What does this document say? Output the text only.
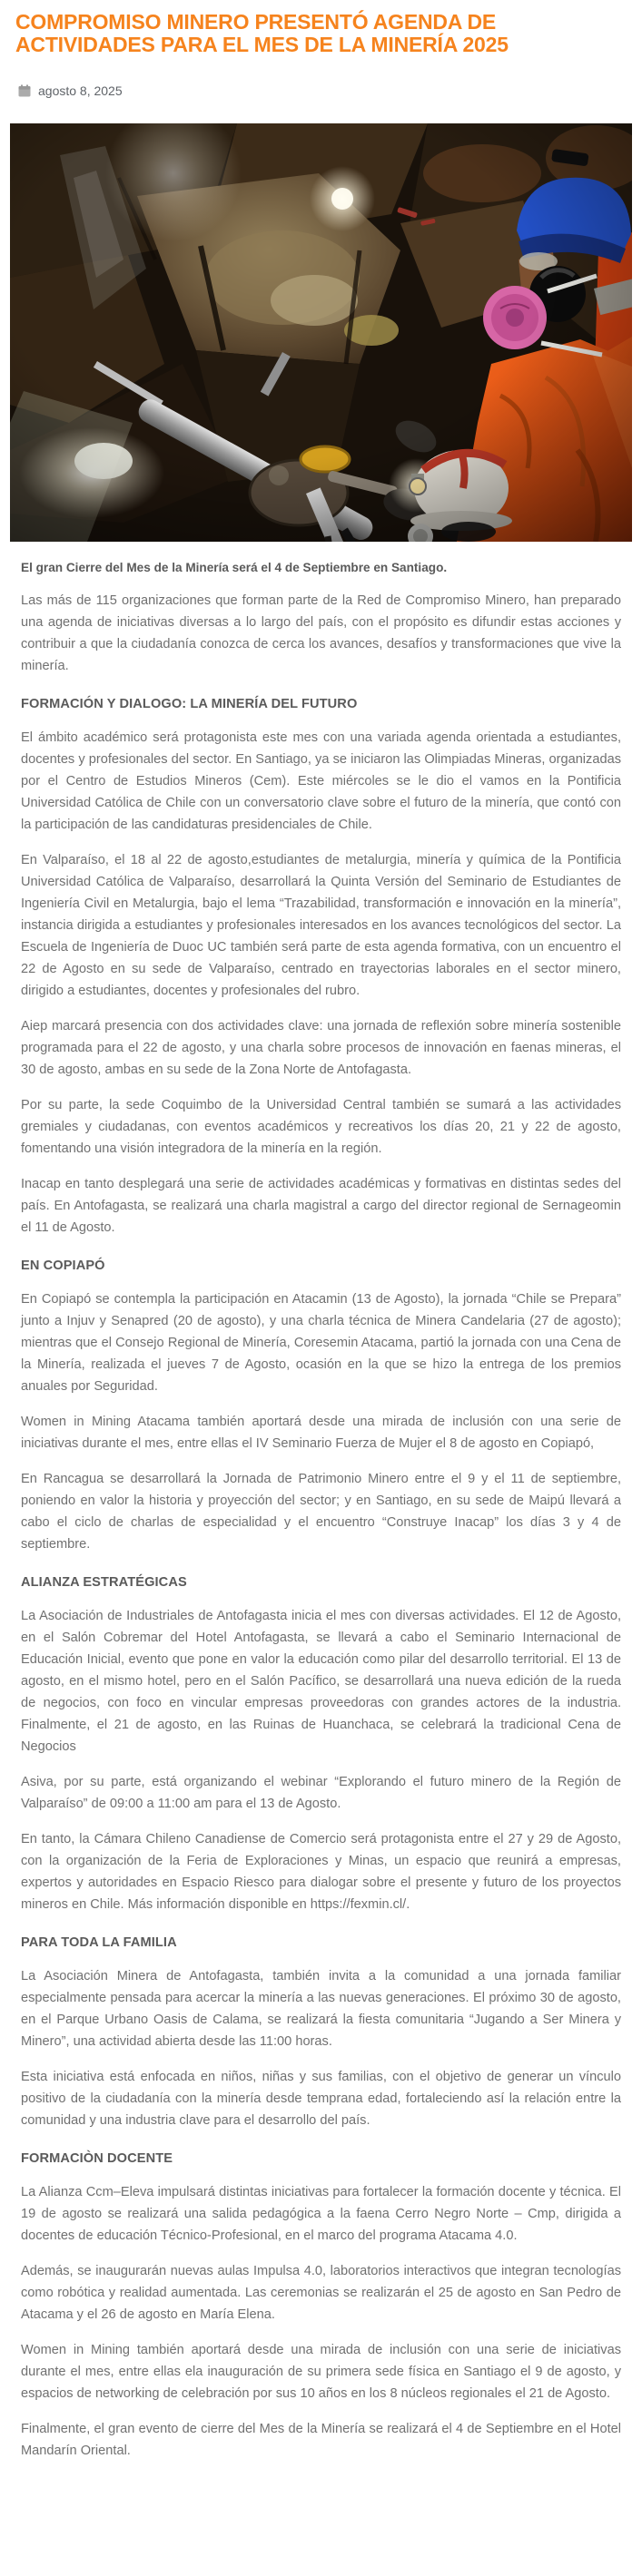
COMPROMISO MINERO PRESENTÓ AGENDA DE ACTIVIDADES PARA EL MES DE LA MINERÍA 2025
agosto 8, 2025

El gran Cierre del Mes de la Minería será el 4 de Septiembre en Santiago.

Las más de 115 organizaciones que forman parte de la Red de Compromiso Minero, han preparado una agenda de iniciativas diversas a lo largo del país, con el propósito es difundir estas acciones y contribuir a que la ciudadanía conozca de cerca los avances, desafíos y transformaciones que vive la minería.

FORMACIÓN Y DIALOGO: LA MINERÍA DEL FUTURO

El ámbito académico será protagonista este mes con una variada agenda orientada a estudiantes, docentes y profesionales del sector. En Santiago, ya se iniciaron las Olimpiadas Mineras, organizadas por el Centro de Estudios Mineros (Cem). Este miércoles se le dio el vamos en la Pontificia Universidad Católica de Chile con un conversatorio clave sobre el futuro de la minería, que contó con la participación de las candidaturas presidenciales de Chile.

En Valparaíso, el 18 al 22 de agosto,estudiantes de metalurgia, minería y química de la Pontificia Universidad Católica de Valparaíso, desarrollará la Quinta Versión del Seminario de Estudiantes de Ingeniería Civil en Metalurgia, bajo el lema “Trazabilidad, transformación e innovación en la minería”, instancia dirigida a estudiantes y profesionales interesados en los avances tecnológicos del sector. La Escuela de Ingeniería de Duoc UC también será parte de esta agenda formativa, con un encuentro el 22 de Agosto en su sede de Valparaíso, centrado en trayectorias laborales en el sector minero, dirigido a estudiantes, docentes y profesionales del rubro.

Aiep marcará presencia con dos actividades clave: una jornada de reflexión sobre minería sostenible programada para el 22 de agosto, y una charla sobre procesos de innovación en faenas mineras, el 30 de agosto, ambas en su sede de la Zona Norte de Antofagasta.

Por su parte, la sede Coquimbo de la Universidad Central también se sumará a las actividades gremiales y ciudadanas, con eventos académicos y recreativos los días 20, 21 y 22 de agosto, fomentando una visión integradora de la minería en la región.

Inacap en tanto desplegará una serie de actividades académicas y formativas en distintas sedes del país. En Antofagasta, se realizará una charla magistral a cargo del director regional de Sernageomin el 11 de Agosto.

EN COPIAPÓ

En Copiapó se contempla la participación en Atacamin (13 de Agosto), la jornada “Chile se Prepara” junto a Injuv y Senapred (20 de agosto), y una charla técnica de Minera Candelaria (27 de agosto); mientras que el Consejo Regional de Minería, Coresemin Atacama, partió la jornada con una Cena de la Minería, realizada el jueves 7 de Agosto, ocasión en la que se hizo la entrega de los premios anuales por Seguridad.

Women in Mining Atacama también aportará desde una mirada de inclusión con una serie de iniciativas durante el mes, entre ellas el IV Seminario Fuerza de Mujer el 8 de agosto en Copiapó,

En Rancagua se desarrollará la Jornada de Patrimonio Minero entre el 9 y el 11 de septiembre, poniendo en valor la historia y proyección del sector; y en Santiago, en su sede de Maipú llevará a cabo el ciclo de charlas de especialidad y el encuentro “Construye Inacap” los días 3 y 4 de septiembre.

ALIANZA ESTRATÉGICAS

La Asociación de Industriales de Antofagasta inicia el mes con diversas actividades. El 12 de Agosto, en el Salón Cobremar del Hotel Antofagasta, se llevará a cabo el Seminario Internacional de Educación Inicial, evento que pone en valor la educación como pilar del desarrollo territorial. El 13 de agosto, en el mismo hotel, pero en el Salón Pacífico, se desarrollará una nueva edición de la rueda de negocios, con foco en vincular empresas proveedoras con grandes actores de la industria. Finalmente, el 21 de agosto, en las Ruinas de Huanchaca, se celebrará la tradicional Cena de Negocios

Asiva, por su parte, está organizando el webinar “Explorando el futuro minero de la Región de Valparaíso” de 09:00 a 11:00 am para el 13 de Agosto.

En tanto, la Cámara Chileno Canadiense de Comercio será protagonista entre el 27 y 29 de Agosto, con la organización de la Feria de Exploraciones y Minas, un espacio que reunirá a empresas, expertos y autoridades en Espacio Riesco para dialogar sobre el presente y futuro de los proyectos mineros en Chile. Más información disponible en https://fexmin.cl/.

PARA TODA LA FAMILIA

La Asociación Minera de Antofagasta, también invita a la comunidad a una jornada familiar especialmente pensada para acercar la minería a las nuevas generaciones. El próximo 30 de agosto, en el Parque Urbano Oasis de Calama, se realizará la fiesta comunitaria “Jugando a Ser Minera y Minero”, una actividad abierta desde las 11:00 horas.

Esta iniciativa está enfocada en niños, niñas y sus familias, con el objetivo de generar un vínculo positivo de la ciudadanía con la minería desde temprana edad, fortaleciendo así la relación entre la comunidad y una industria clave para el desarrollo del país.

FORMACIÒN DOCENTE

La Alianza Ccm–Eleva impulsará distintas iniciativas para fortalecer la formación docente y técnica. El 19 de agosto se realizará una salida pedagógica a la faena Cerro Negro Norte – Cmp, dirigida a docentes de educación Técnico-Profesional, en el marco del programa Atacama 4.0.

Además, se inaugurarán nuevas aulas Impulsa 4.0, laboratorios interactivos que integran tecnologías como robótica y realidad aumentada. Las ceremonias se realizarán el 25 de agosto en San Pedro de Atacama y el 26 de agosto en María Elena.

Women in Mining también aportará desde una mirada de inclusión con una serie de iniciativas durante el mes, entre ellas ela inauguración de su primera sede física en Santiago el 9 de agosto, y espacios de networking de celebración por sus 10 años en los 8 núcleos regionales el 21 de Agosto.

Finalmente, el gran evento de cierre del Mes de la Minería se realizará el 4 de Septiembre en el Hotel Mandarín Oriental.
